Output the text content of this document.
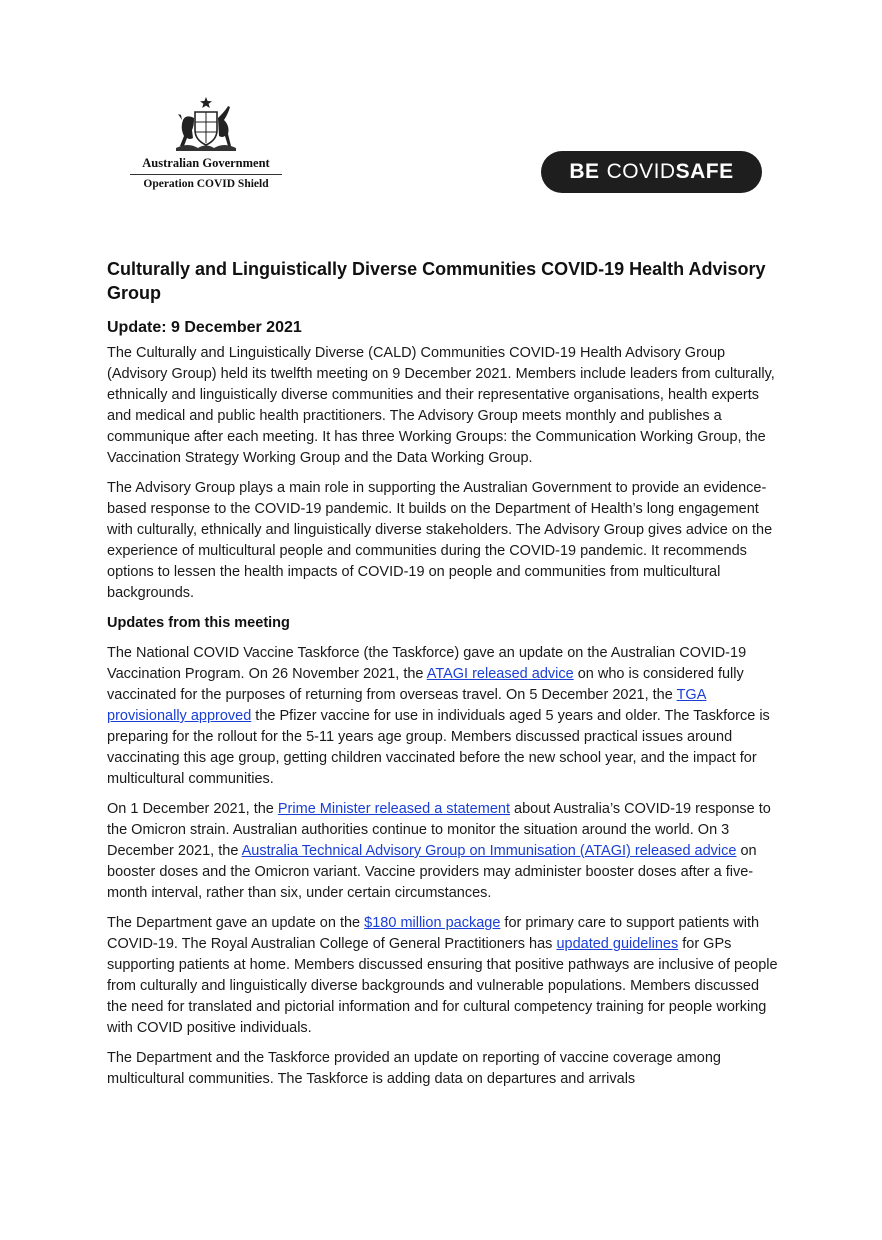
Australian Government
Operation COVID Shield
BE COVID SAFE
Culturally and Linguistically Diverse Communities COVID-19 Health Advisory Group
Update: 9 December 2021

The Culturally and Linguistically Diverse (CALD) Communities COVID-19 Health Advisory Group (Advisory Group) held its twelfth meeting on 9 December 2021. Members include leaders from culturally, ethnically and linguistically diverse communities and their representative organisations, health experts and medical and public health practitioners. The Advisory Group meets monthly and publishes a communique after each meeting. It has three Working Groups: the Communication Working Group, the Vaccination Strategy Working Group and the Data Working Group.

The Advisory Group plays a main role in supporting the Australian Government to provide an evidence-based response to the COVID-19 pandemic. It builds on the Department of Health’s long engagement with culturally, ethnically and linguistically diverse stakeholders. The Advisory Group gives advice on the experience of multicultural people and communities during the COVID-19 pandemic. It recommends options to lessen the health impacts of COVID-19 on people and communities from multicultural backgrounds.

Updates from this meeting

The National COVID Vaccine Taskforce (the Taskforce) gave an update on the Australian COVID-19 Vaccination Program. On 26 November 2021, the ATAGI released advice on who is considered fully vaccinated for the purposes of returning from overseas travel. On 5 December 2021, the TGA provisionally approved the Pfizer vaccine for use in individuals aged 5 years and older. The Taskforce is preparing for the rollout for the 5-11 years age group. Members discussed practical issues around vaccinating this age group, getting children vaccinated before the new school year, and the impact for multicultural communities.

On 1 December 2021, the Prime Minister released a statement about Australia’s COVID-19 response to the Omicron strain. Australian authorities continue to monitor the situation around the world. On 3 December 2021, the Australia Technical Advisory Group on Immunisation (ATAGI) released advice on booster doses and the Omicron variant. Vaccine providers may administer booster doses after a five-month interval, rather than six, under certain circumstances.

The Department gave an update on the $180 million package for primary care to support patients with COVID-19. The Royal Australian College of General Practitioners has updated guidelines for GPs supporting patients at home. Members discussed ensuring that positive pathways are inclusive of people from culturally and linguistically diverse backgrounds and vulnerable populations. Members discussed the need for translated and pictorial information and for cultural competency training for people working with COVID positive individuals.

The Department and the Taskforce provided an update on reporting of vaccine coverage among multicultural communities. The Taskforce is adding data on departures and arrivals
